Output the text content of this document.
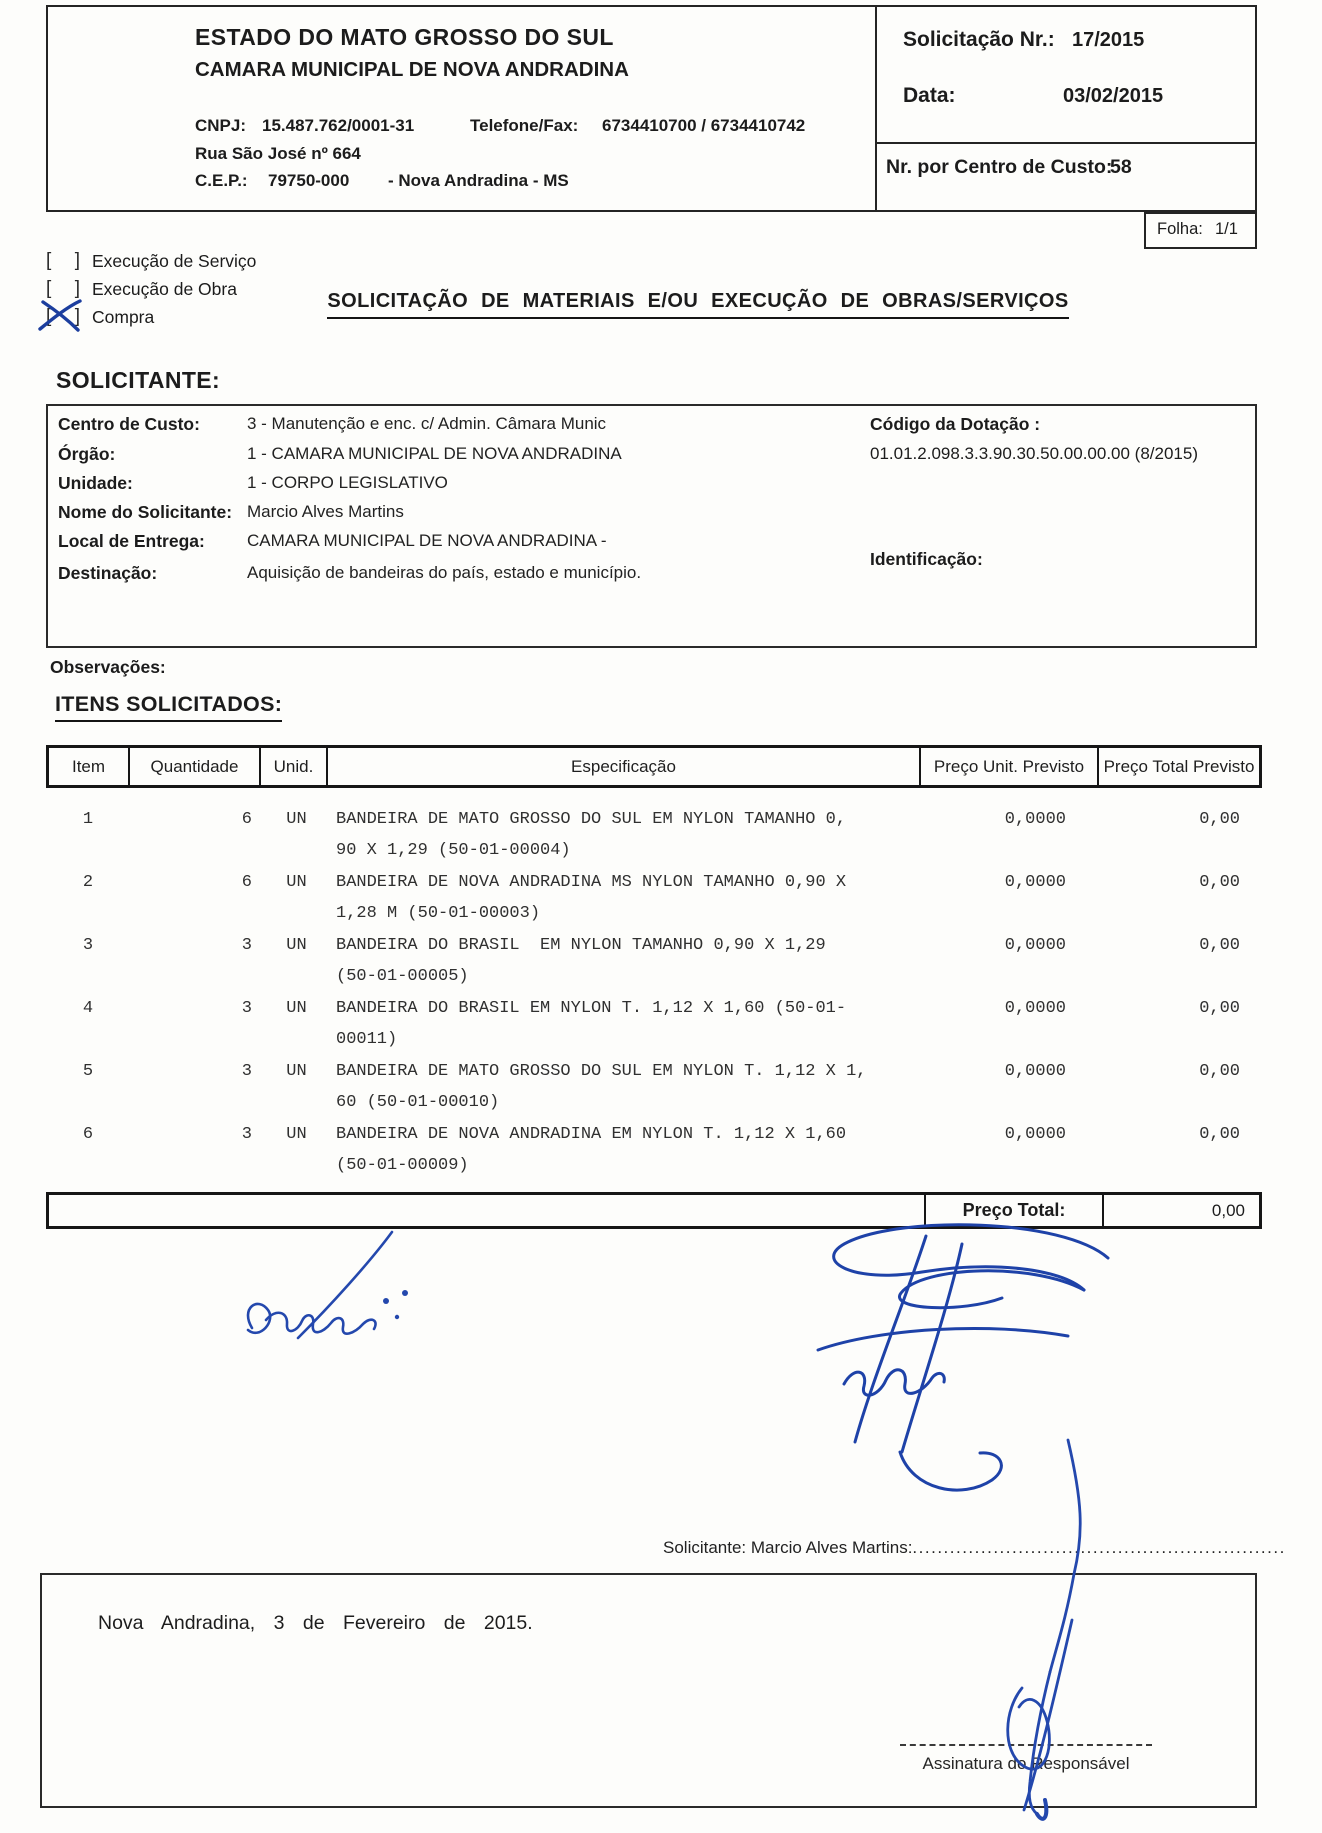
ESTADO DO MATO GROSSO DO SUL
CAMARA MUNICIPAL DE NOVA ANDRADINA
CNPJ: 15.487.762/0001-31	Telefone/Fax: 6734410700 / 6734410742
Rua São José nº 664
C.E.P.: 79750-000 - Nova Andradina - MS
Solicitação Nr.: 17/2015
Data:	03/02/2015
Nr. por Centro de Custo:
58
Folha: 1/1
[ ]
Execução de Serviço
[ ]
Execução de Obra
[ ]
Compra
SOLICITAÇÃO DE MATERIAIS E/OU EXECUÇÃO DE OBRAS/SERVIÇOS
SOLICITANTE:
Centro de Custo:	3 - Manutenção e enc. c/ Admin. Câmara Munic
Órgão:	1 - CAMARA MUNICIPAL DE NOVA ANDRADINA
Unidade:	1 - CORPO LEGISLATIVO
Nome do Solicitante: Marcio Alves Martins
Local de Entrega: CAMARA MUNICIPAL DE NOVA ANDRADINA -
Destinação:	Aquisição de bandeiras do país, estado e município.
Código da Dotação :
01.01.2.098.3.3.90.30.50.00.00.00 (8/2015)
Identificação:
Observações:
ITENS SOLICITADOS:
Item	Quantidade	Unid.	Especificação	Preço Unit. Previsto	Preço Total Previsto
1	6	UN	BANDEIRA DE MATO GROSSO DO SUL EM NYLON TAMANHO 0,
90 X 1,29 (50-01-00004)
0,0000	0,00
2	6	UN	BANDEIRA DE NOVA ANDRADINA MS NYLON TAMANHO 0,90 X
1,28 M (50-01-00003)
0,0000	0,00
3	3	UN	BANDEIRA DO BRASIL  EM NYLON TAMANHO 0,90 X 1,29
(50-01-00005)
0,0000	0,00
4	3	UN	BANDEIRA DO BRASIL EM NYLON T. 1,12 X 1,60 (50-01-
00011)
0,0000	0,00
5	3	UN	BANDEIRA DE MATO GROSSO DO SUL EM NYLON T. 1,12 X 1,
60 (50-01-00010)
0,0000	0,00
6	3	UN	BANDEIRA DE NOVA ANDRADINA EM NYLON T. 1,12 X 1,60
(50-01-00009)
0,0000	0,00
Preço Total:	0,00
Solicitante: Marcio Alves Martins:............................................................
Nova Andradina, 3 de Fevereiro de 2015.
Assinatura do Responsável
